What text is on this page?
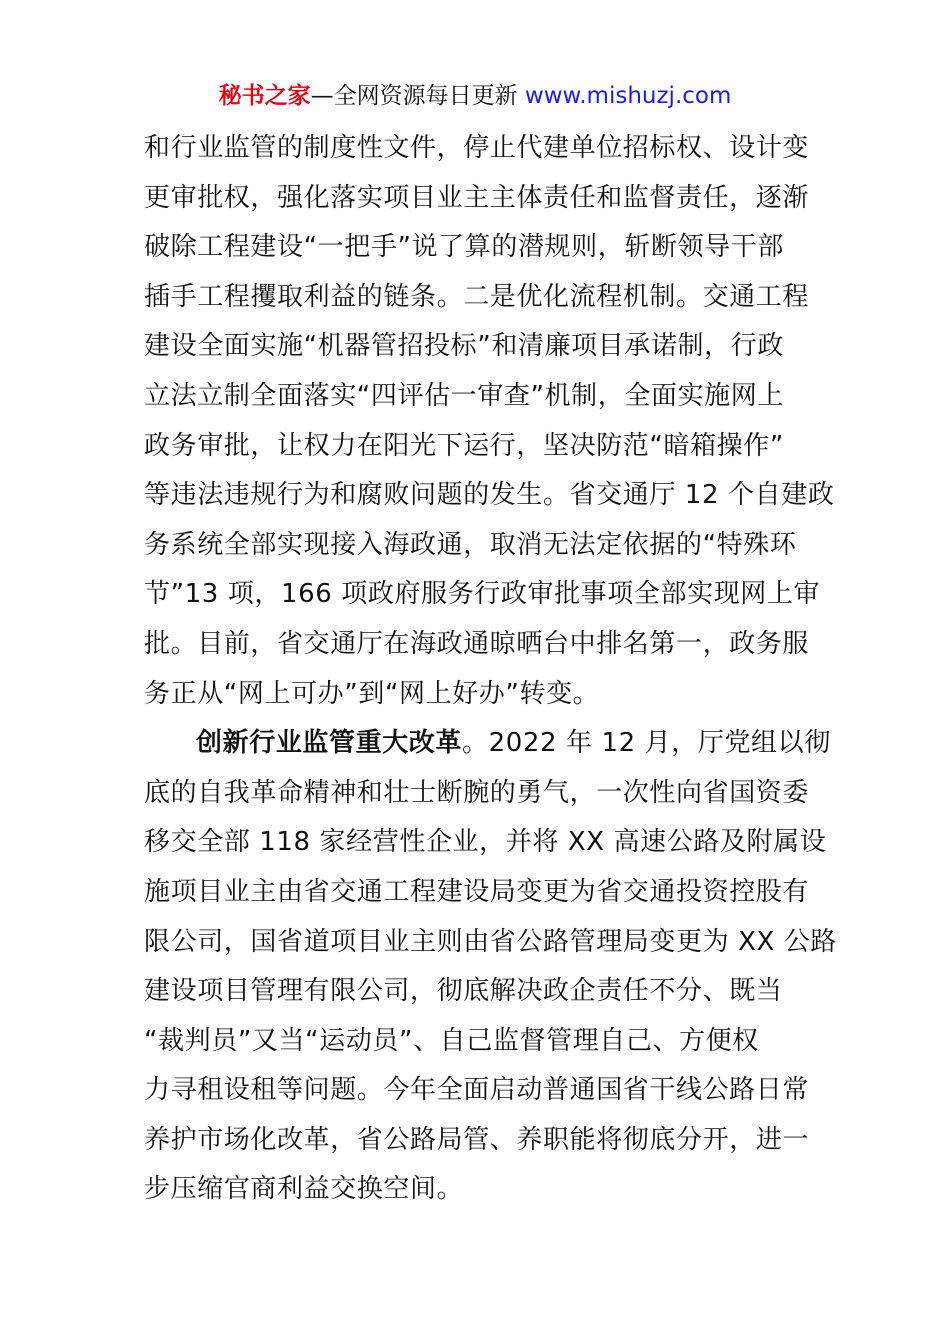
秘书之家—全网资源每日更新 www.mishuzj.com
和行业监管的制度性文件，停止代建单位招标权、设计变
更审批权，强化落实项目业主主体责任和监督责任，逐渐
破除工程建设“一把手”说了算的潜规则，斩断领导干部
插手工程攫取利益的链条。二是优化流程机制。交通工程
建设全面实施“机器管招投标”和清廉项目承诺制，行政
立法立制全面落实“四评估一审查”机制，全面实施网上
政务审批，让权力在阳光下运行，坚决防范“暗箱操作”
等违法违规行为和腐败问题的发生。省交通厅 12 个自建政
务系统全部实现接入海政通，取消无法定依据的“特殊环
节”13 项，166 项政府服务行政审批事项全部实现网上审
批。目前，省交通厅在海政通晾晒台中排名第一，政务服
务正从“网上可办”到“网上好办”转变。
创新行业监管重大改革。2022 年 12 月，厅党组以彻
底的自我革命精神和壮士断腕的勇气，一次性向省国资委
移交全部 118 家经营性企业，并将 XX 高速公路及附属设
施项目业主由省交通工程建设局变更为省交通投资控股有
限公司，国省道项目业主则由省公路管理局变更为 XX 公路
建设项目管理有限公司，彻底解决政企责任不分、既当
“裁判员”又当“运动员”、自己监督管理自己、方便权
力寻租设租等问题。今年全面启动普通国省干线公路日常
养护市场化改革，省公路局管、养职能将彻底分开，进一
步压缩官商利益交换空间。
